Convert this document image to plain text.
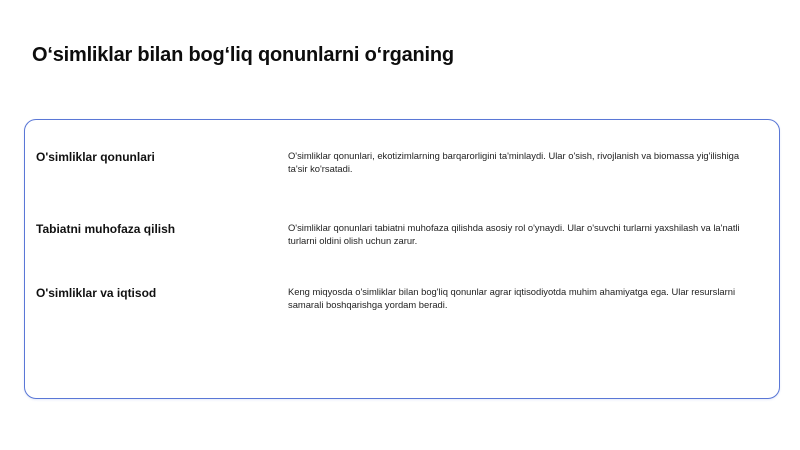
O‘simliklar bilan bog‘liq qonunlarni o‘rganing
O'simliklar qonunlari	O'simliklar qonunlari, ekotizimlarning barqarorligini ta'minlaydi. Ular o'sish, rivojlanish va biomassa yig'ilishiga ta'sir ko'rsatadi.
Tabiatni muhofaza qilish	O'simliklar qonunlari tabiatni muhofaza qilishda asosiy rol o'ynaydi. Ular o'suvchi turlarni yaxshilash va la'natli turlarni oldini olish uchun zarur.
O'simliklar va iqtisod	Keng miqyosda o'simliklar bilan bog'liq qonunlar agrar iqtisodiyotda muhim ahamiyatga ega. Ular resurslarni samarali boshqarishga yordam beradi.
